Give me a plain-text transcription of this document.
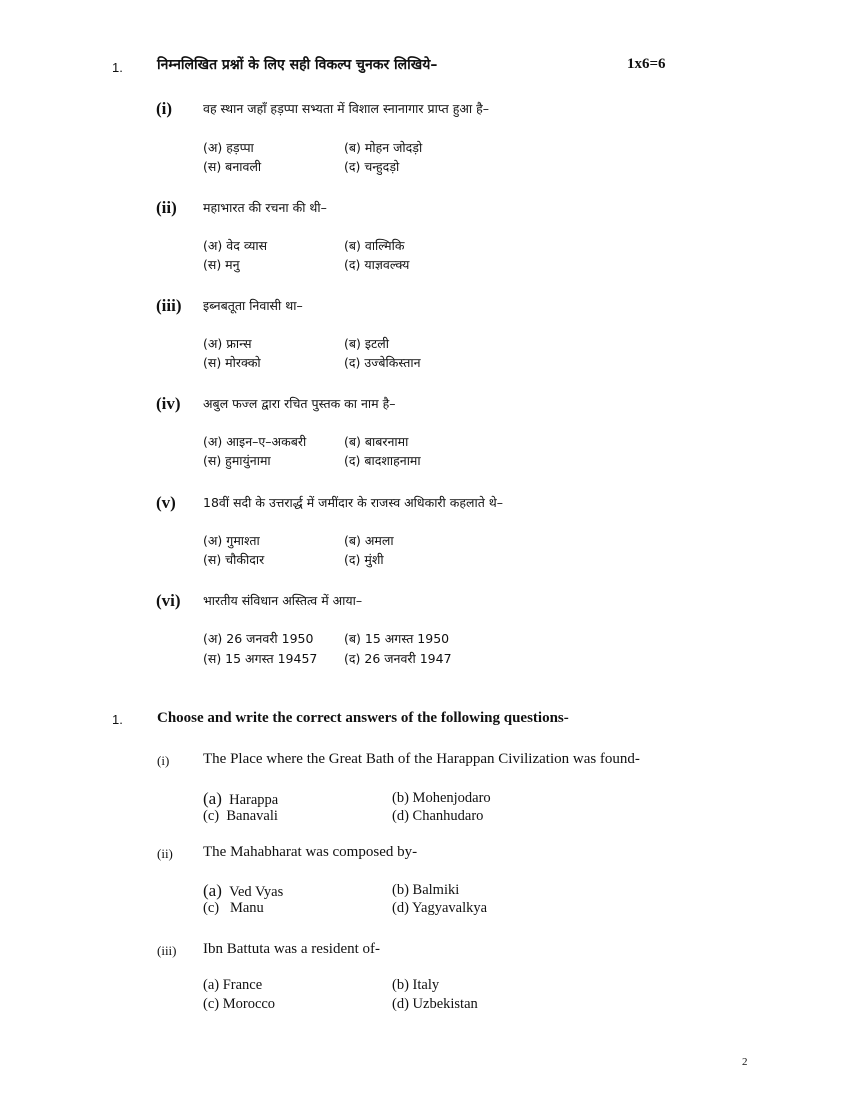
1. निम्नलिखित प्रश्नों के लिए सही विकल्प चुनकर लिखिये–	1x6=6
(i) वह स्थान जहाँ हड़प्पा सभ्यता में विशाल स्नानागार प्राप्त हुआ है–
(अ) हड़प्पा	(ब) मोहन जोदड़ो
(स) बनावली	(द) चन्हुदड़ो
(ii) महाभारत की रचना की थी–
(अ) वेद व्यास	(ब) वाल्मिकि
(स) मनु	(द) याज्ञवल्क्य
(iii) इब्नबतूता निवासी था–
(अ) फ्रान्स	(ब) इटली
(स) मोरक्को	(द) उज्बेकिस्तान
(iv) अबुल फज्ल द्वारा रचित पुस्तक का नाम है–
(अ) आइन–ए–अकबरी	(ब) बाबरनामा
(स) हुमायुंनामा	(द) बादशाहनामा
(v) 18वीं सदी के उत्तरार्द्ध में जमींदार के राजस्व अधिकारी कहलाते थे–
(अ) गुमाश्ता	(ब) अमला
(स) चौकीदार	(द) मुंशी
(vi) भारतीय संविधान अस्तित्व में आया–
(अ) 26 जनवरी 1950 (ब) 15 अगस्त 1950
(स) 15 अगस्त 19457 (द) 26 जनवरी 1947
1. Choose and write the correct answers of the following questions-
(i) The Place where the Great Bath of the Harappan Civilization was found-
(a) Harappa	(b) Mohenjodaro
(c) Banavali	(d) Chanhudaro
(ii) The Mahabharat was composed by-
(a) Ved Vyas	(b) Balmiki
(c) Manu	(d) Yagyavalkya
(iii) Ibn Battuta was a resident of-
(a) France	(b) Italy
(c) Morocco	(d) Uzbekistan
2
